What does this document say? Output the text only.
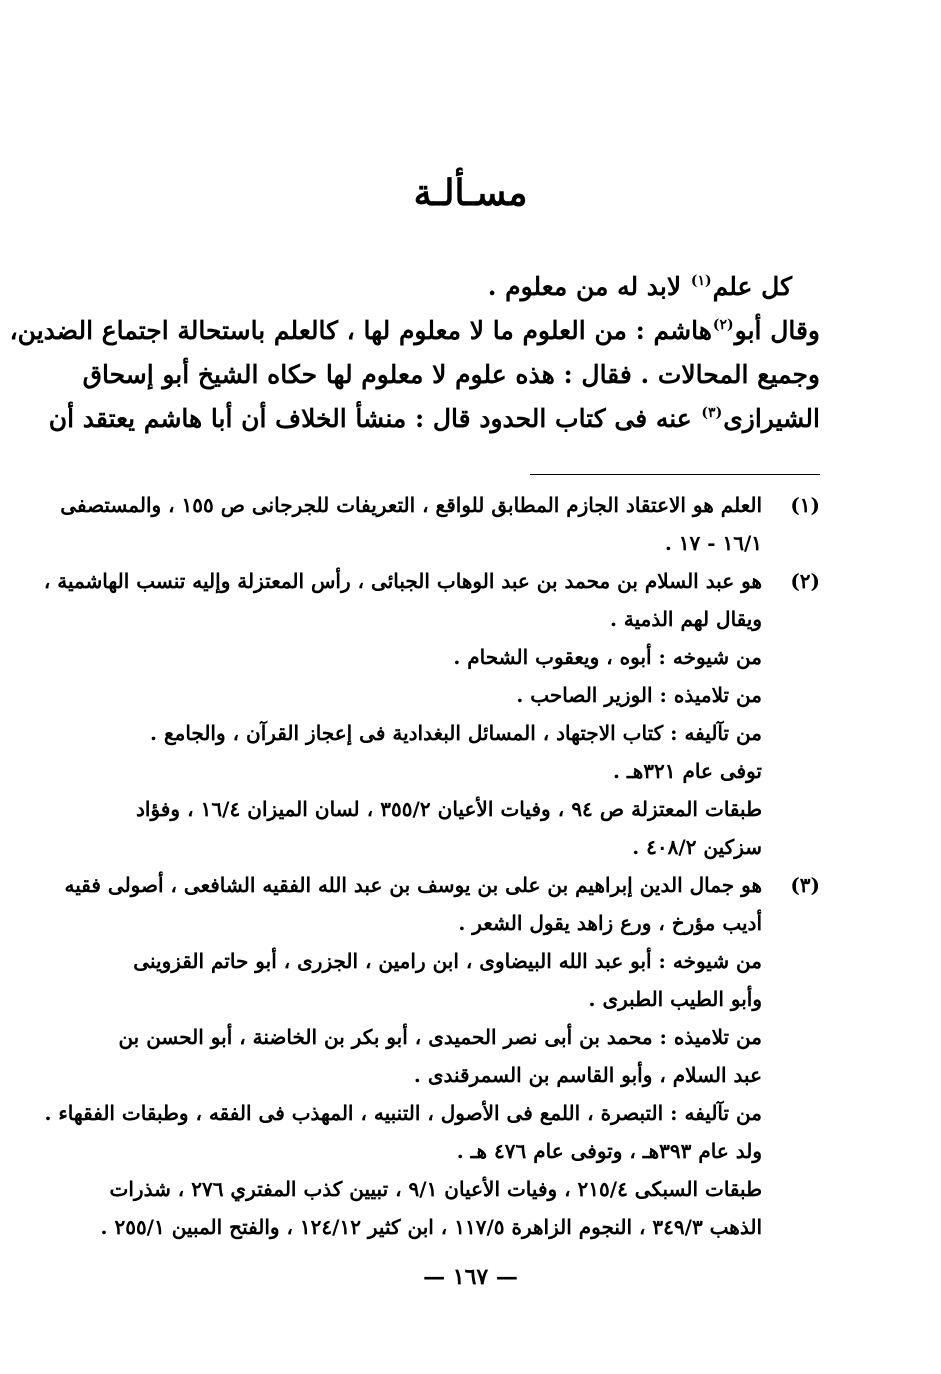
مسـألـة
كل علم$^{(١)}$ لابد له من معلوم .
وقال أبو$^{(٢)}$هاشم : من العلوم ما لا معلوم لها ، كالعلم باستحالة اجتماع الضدين،
وجميع المحالات . فقال : هذه علوم لا معلوم لها حكاه الشيخ أبو إسحاق
الشيرازى$^{(٣)}$ عنه فى كتاب الحدود قال : منشأ الخلاف أن أبا هاشم يعتقد أن
(١)
العلم هو الاعتقاد الجازم المطابق للواقع ، التعريفات للجرجانى ص ١٥٥ ، والمستصفى
١٦/١ - ١٧ .
(٢)
هو عبد السلام بن محمد بن عبد الوهاب الجبائى ، رأس المعتزلة وإليه تنسب الهاشمية ،
ويقال لهم الذمية .
من شيوخه : أبوه ، ويعقوب الشحام .
من تلاميذه : الوزير الصاحب .
من تآليفه : كتاب الاجتهاد ، المسائل البغدادية فى إعجاز القرآن ، والجامع .
توفى عام ٣٢١هـ .
طبقات المعتزلة ص ٩٤ ، وفيات الأعيان ٣٥٥/٢ ، لسان الميزان ١٦/٤ ، وفؤاد
سزكين ٤٠٨/٢ .
(٣)
هو جمال الدين إبراهيم بن على بن يوسف بن عبد الله الفقيه الشافعى ، أصولى فقيه
أديب مؤرخ ، ورع زاهد يقول الشعر .
من شيوخه : أبو عبد الله البيضاوى ، ابن رامين ، الجزرى ، أبو حاتم القزوينى
وأبو الطيب الطبرى .
من تلاميذه : محمد بن أبى نصر الحميدى ، أبو بكر بن الخاضنة ، أبو الحسن بن
عبد السلام ، وأبو القاسم بن السمرقندى .
من تآليفه : التبصرة ، اللمع فى الأصول ، التنبيه ، المهذب فى الفقه ، وطبقات الفقهاء .
ولد عام ٣٩٣هـ ، وتوفى عام ٤٧٦ هـ .
طبقات السبكى ٢١٥/٤ ، وفيات الأعيان ٩/١ ، تبيين كذب المفتري ٢٧٦ ، شذرات
الذهب ٣٤٩/٣ ، النجوم الزاهرة ١١٧/٥ ، ابن كثير ١٢٤/١٢ ، والفتح المبين ٢٥٥/١ .
— ١٦٧ —
